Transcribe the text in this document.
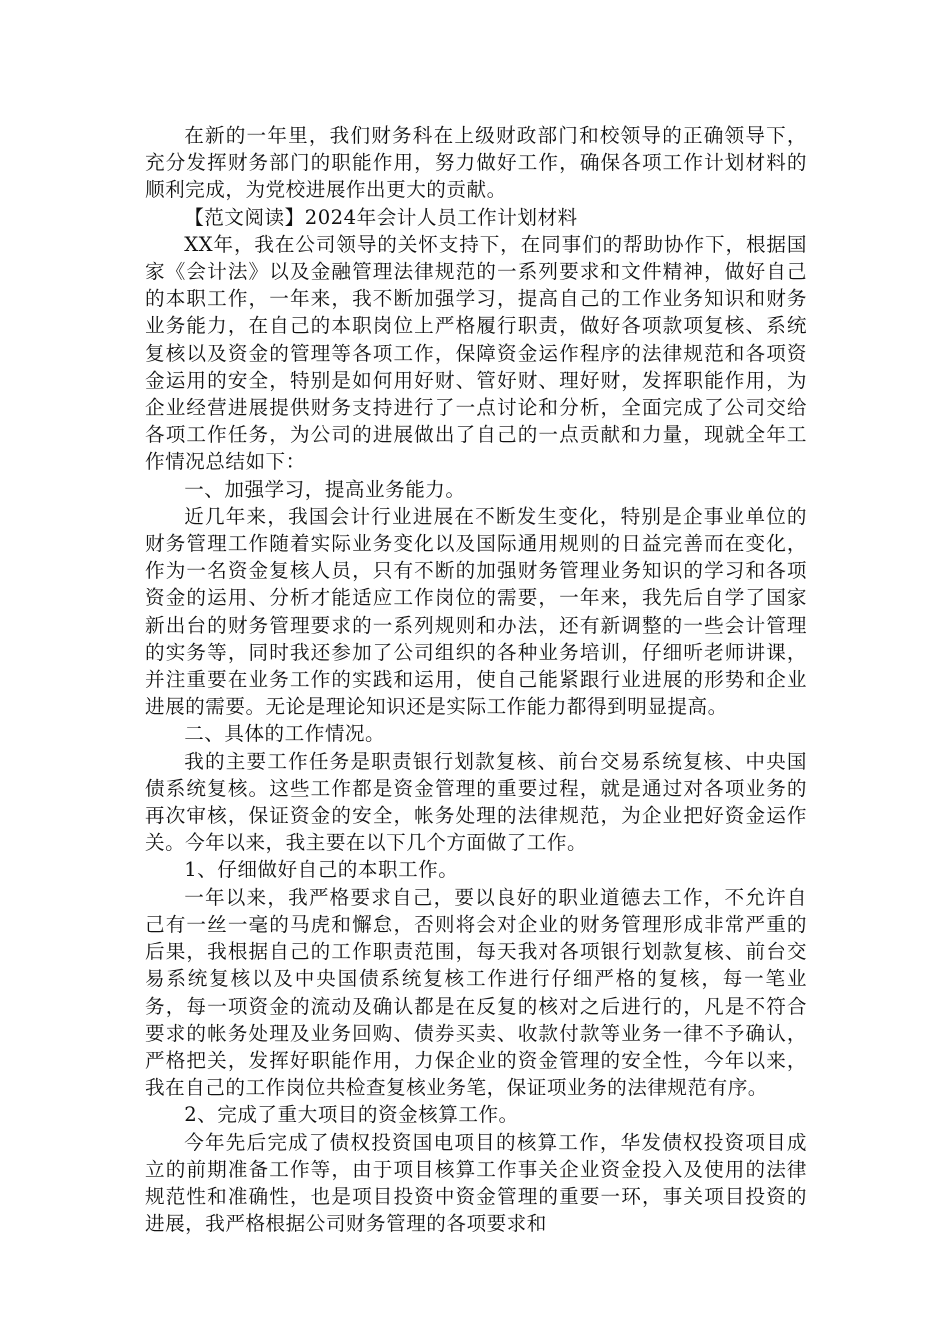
在新的一年里，我们财务科在上级财政部门和校领导的正确领导下，充分发挥财务部门的职能作用，努力做好工作，确保各项工作计划材料的顺利完成，为党校进展作出更大的贡献。

【范文阅读】2024年会计人员工作计划材料

XX年，我在公司领导的关怀支持下，在同事们的帮助协作下，根据国家《会计法》以及金融管理法律规范的一系列要求和文件精神，做好自己的本职工作，一年来，我不断加强学习，提高自己的工作业务知识和财务业务能力，在自己的本职岗位上严格履行职责，做好各项款项复核、系统复核以及资金的管理等各项工作，保障资金运作程序的法律规范和各项资金运用的安全，特别是如何用好财、管好财、理好财，发挥职能作用，为企业经营进展提供财务支持进行了一点讨论和分析，全面完成了公司交给各项工作任务，为公司的进展做出了自己的一点贡献和力量，现就全年工作情况总结如下：

一、加强学习，提高业务能力。

近几年来，我国会计行业进展在不断发生变化，特别是企事业单位的财务管理工作随着实际业务变化以及国际通用规则的日益完善而在变化，作为一名资金复核人员，只有不断的加强财务管理业务知识的学习和各项资金的运用、分析才能适应工作岗位的需要，一年来，我先后自学了国家新出台的财务管理要求的一系列规则和办法，还有新调整的一些会计管理的实务等，同时我还参加了公司组织的各种业务培训，仔细听老师讲课，并注重要在业务工作的实践和运用，使自己能紧跟行业进展的形势和企业进展的需要。无论是理论知识还是实际工作能力都得到明显提高。

二、具体的工作情况。

我的主要工作任务是职责银行划款复核、前台交易系统复核、中央国债系统复核。这些工作都是资金管理的重要过程，就是通过对各项业务的再次审核，保证资金的安全，帐务处理的法律规范，为企业把好资金运作关。今年以来，我主要在以下几个方面做了工作。

1、仔细做好自己的本职工作。

一年以来，我严格要求自己，要以良好的职业道德去工作，不允许自己有一丝一毫的马虎和懈怠，否则将会对企业的财务管理形成非常严重的后果，我根据自己的工作职责范围，每天我对各项银行划款复核、前台交易系统复核以及中央国债系统复核工作进行仔细严格的复核，每一笔业务，每一项资金的流动及确认都是在反复的核对之后进行的，凡是不符合要求的帐务处理及业务回购、债券买卖、收款付款等业务一律不予确认，严格把关，发挥好职能作用，力保企业的资金管理的安全性，今年以来，我在自己的工作岗位共检查复核业务笔，保证项业务的法律规范有序。

2、完成了重大项目的资金核算工作。

今年先后完成了债权投资国电项目的核算工作，华发债权投资项目成立的前期准备工作等，由于项目核算工作事关企业资金投入及使用的法律规范性和准确性，也是项目投资中资金管理的重要一环，事关项目投资的进展，我严格根据公司财务管理的各项要求和
